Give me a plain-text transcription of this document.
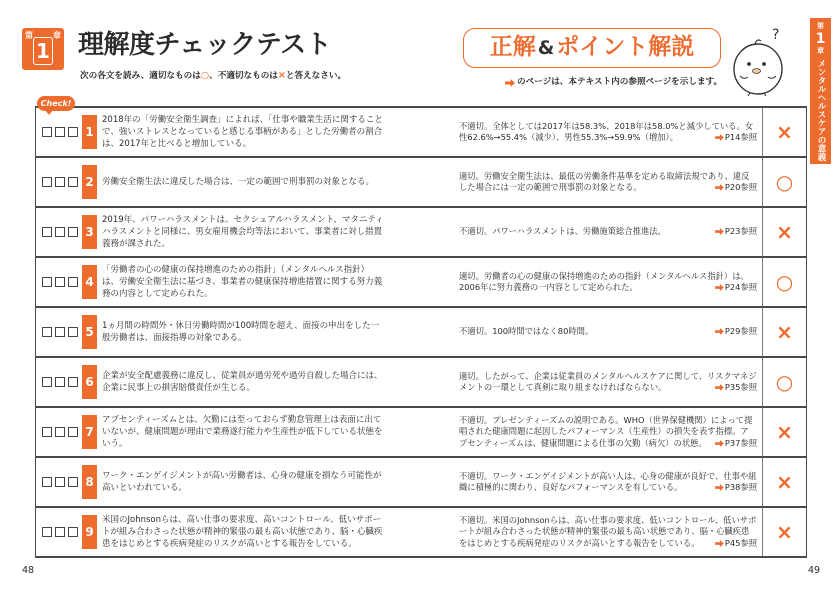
第
1
章 理解度チェックテスト
次の各文を読み、適切なものは○、不適切なものは×と答えなさい。
正解 &ポイント解説
のページは、本テキスト内の参照ページを示します。
?
第
1
章
メンタルヘルスケアの意義
Check!
1
2018年の「労働安全衛生調査」によれば、「仕事や職業生活に関することで、強いストレスとなっていると感じる事柄がある」とした労働者の割合は、2017年と比べると増加している。
不適切。全体としては2017年は58.3%、2018年は58.0%と減少している。女性62.6%→55.4%（減少）、男性55.3%→59.9%（増加）。	P14参照 ×
2 労働安全衛生法に違反した場合は、一定の範囲で刑事罰の対象となる。
適切。労働安全衛生法は、最低の労働条件基準を定める取締法規であり、違反した場合には一定の範囲で刑事罰の対象となる。	P20参照 ○
3
2019年、パワーハラスメントは、セクシュアルハラスメント、マタニティハラスメントと同様に、男女雇用機会均等法において、事業者に対し措置義務が課された。
不適切。パワーハラスメントは、労働施策総合推進法。	P23参照 ×
4
「労働者の心の健康の保持増進のための指針」（メンタルヘルス指針）は、労働安全衛生法に基づき、事業者の健康保持増進措置に関する努力義務の内容として定められた。
適切。労働者の心の健康の保持増進のための指針（メンタルヘルス指針）は、2006年に努力義務の一内容として定められた。	P24参照 ○
5 1ヵ月間の時間外・休日労働時間が100時間を超え、面接の申出をした一般労働者は、面接指導の対象である。
不適切。100時間ではなく80時間。	P29参照 ×
6 企業が安全配慮義務に違反し、従業員が過労死や過労自殺した場合には、企業に民事上の損害賠償責任が生じる。
適切。したがって、企業は従業員のメンタルヘルスケアに関して、リスクマネジメントの一環として真剣に取り組まなければならない。	P35参照 ○
7
アブセンティーズムとは、欠勤には至っておらず勤怠管理上は表面に出ていないが、健康問題が理由で業務遂行能力や生産性が低下している状態をいう。
不適切。プレゼンティーズムの説明である。WHO（世界保健機関）によって提唱された健康問題に起因したパフォーマンス（生産性）の損失を表す指標。アブセンティーズムは、健康問題による仕事の欠勤（病欠）の状態。 P37参照 ×
8 ワーク・エンゲイジメントが高い労働者は、心身の健康を損なう可能性が高いといわれている。
不適切。ワーク・エンゲイジメントが高い人は、心身の健康が良好で、仕事や組織に積極的に関わり、良好なパフォーマンスを有している。	P38参照 ×
9
米国のJohnsonらは、高い仕事の要求度、高いコントロール、低いサポートが組み合わさった状態が精神的緊張の最も高い状態であり、脳・心臓疾患をはじめとする疾病発症のリスクが高いとする報告をしている。
不適切。米国のJohnsonらは、高い仕事の要求度、低いコントロール、低いサポートが組み合わさった状態が精神的緊張の最も高い状態であり、脳・心臓疾患をはじめとする疾病発症のリスクが高いとする報告をしている。	P45参照 ×
48	49
